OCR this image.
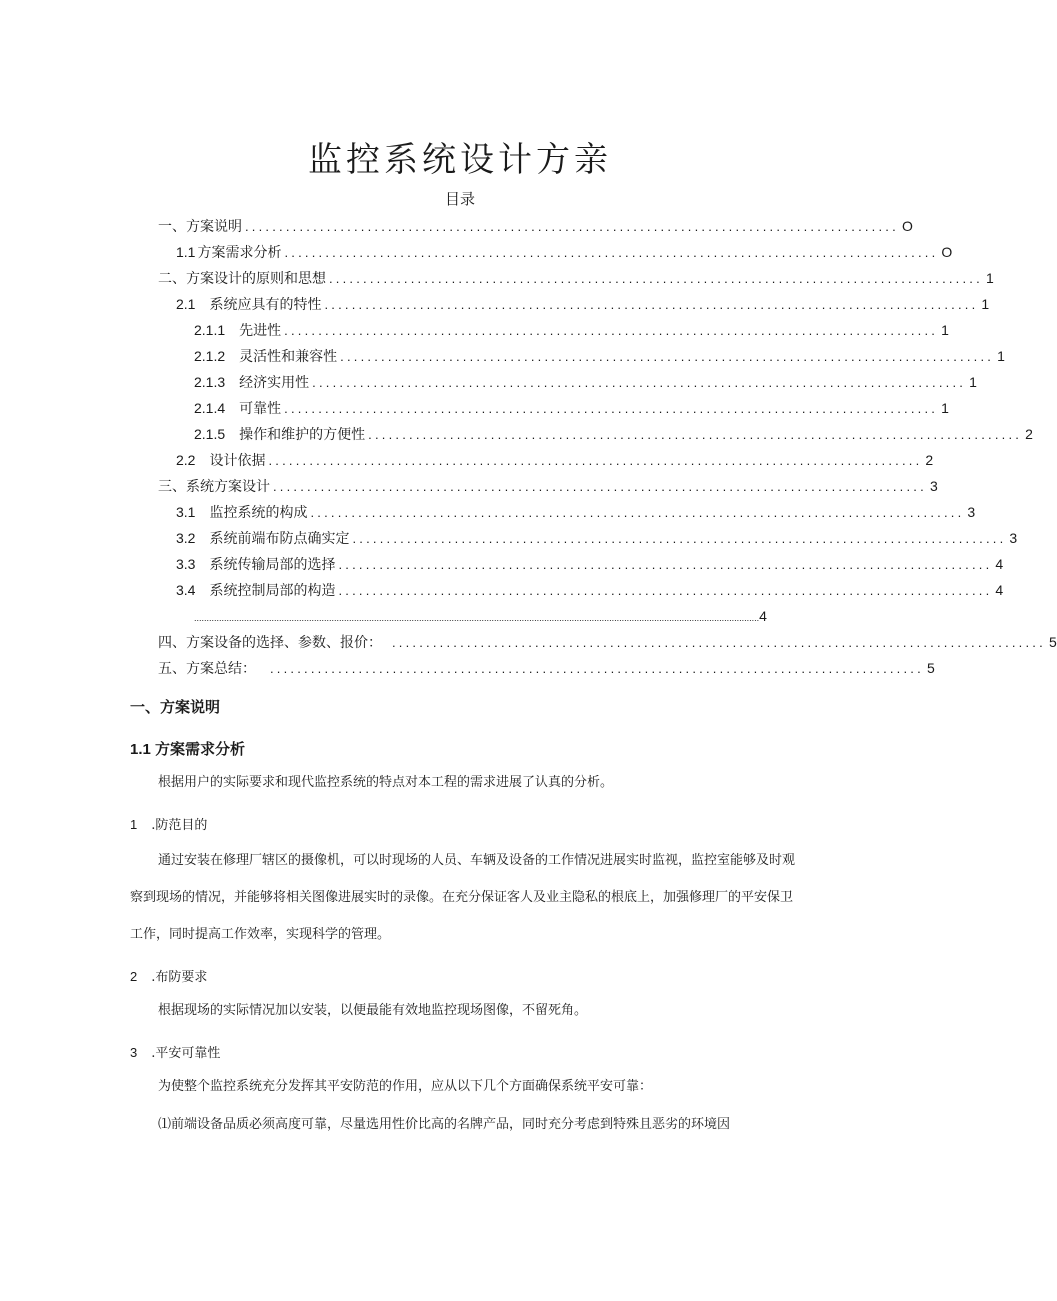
监控系统设计方亲
目录
一、方案说明 ................................................................................................ O
1.1 方案需求分析 ................................................................................................ O
二、方案设计的原则和思想 ................................................................................................ 1
2.1 系统应具有的特性 ................................................................................................ 1
2.1.1 先进性 ................................................................................................ 1
2.1.2 灵活性和兼容性 ................................................................................................ 1
2.1.3 经济实用性 ................................................................................................ 1
2.1.4 可靠性 ................................................................................................ 1
2.1.5 操作和维护的方便性 ................................................................................................ 2
2.2 设计依据 ................................................................................................ 2
三、系统方案设计 ................................................................................................ 3
3.1 监控系统的构成 ................................................................................................ 3
3.2 系统前端布防点确实定 ................................................................................................ 3
3.3 系统传输局部的选择 ................................................................................................ 4
3.4 系统控制局部的构造 ................................................................................................ 4
.................................................................................................................................................................................................................................. 4
四、方案设备的选择、参数、报价： ................................................................................................ 5
五、方案总结： ................................................................................................ 5
一、方案说明
1.1 方案需求分析
根据用户的实际要求和现代监控系统的特点对本工程的需求进展了认真的分析。
1 .防范目的
通过安装在修理厂辖区的摄像机，可以时现场的人员、车辆及设备的工作情况进展实时监视，监控室能够及时观察到现场的情况，并能够将相关图像进展实时的录像。在充分保证客人及业主隐私的根底上，加强修理厂的平安保卫工作，同时提高工作效率，实现科学的管理。
2 .布防要求
根据现场的实际情况加以安装，以便最能有效地监控现场图像，不留死角。
3 .平安可靠性
为使整个监控系统充分发挥其平安防范的作用，应从以下几个方面确保系统平安可靠：
⑴前端设备品质必须高度可靠，尽量选用性价比高的名牌产品，同时充分考虑到特殊且恶劣的环境因
